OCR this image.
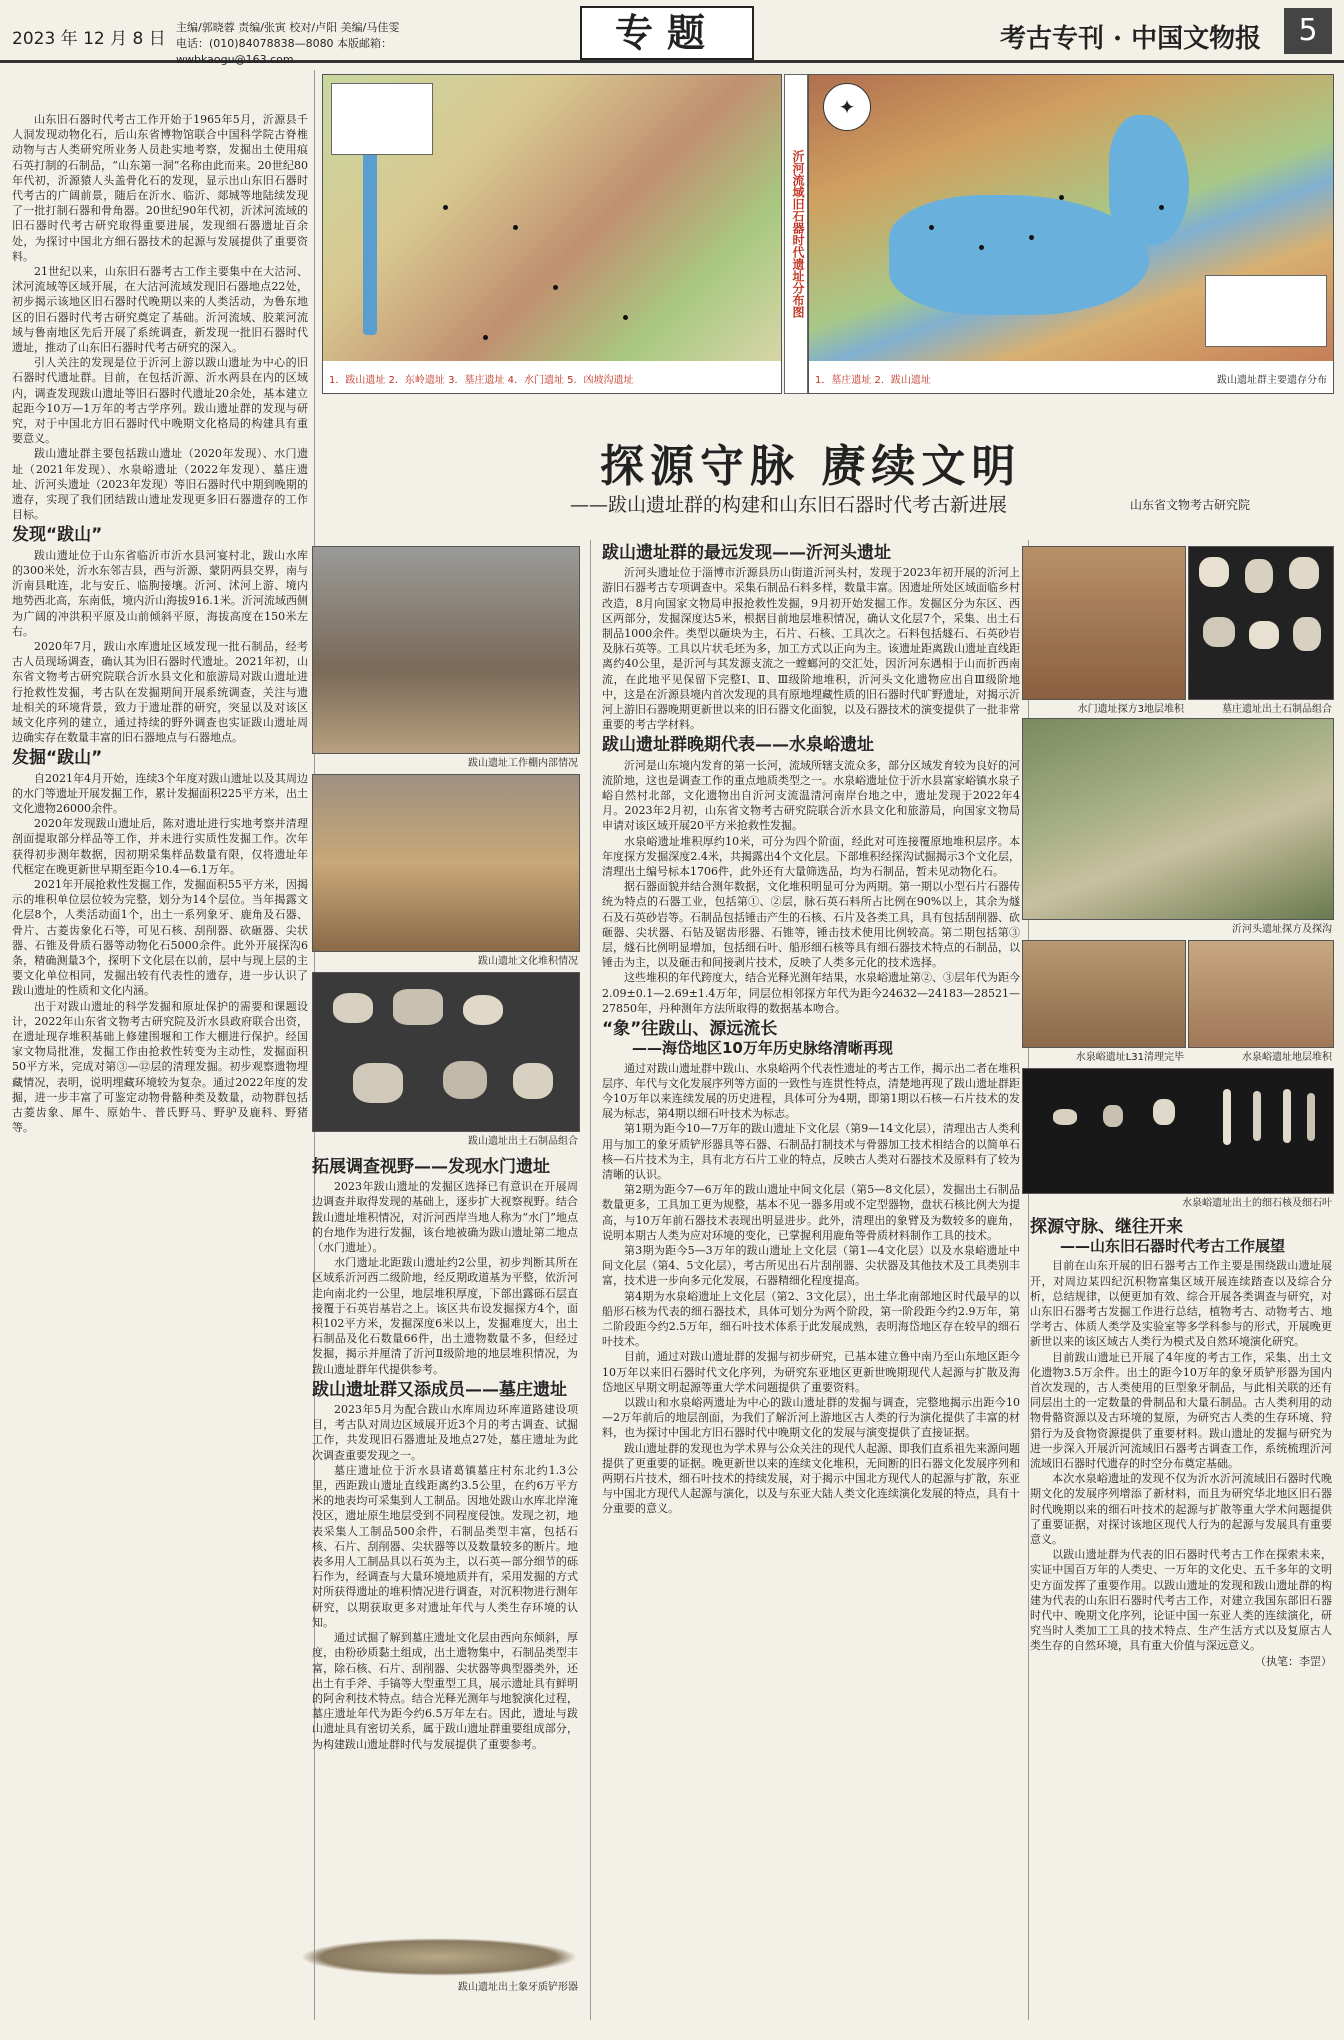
2023 年 12 月 8 日
主编/郭晓蓉 责编/张寅 校对/卢阳 美编/马佳雯
电话：(010)84078838—8080 本版邮箱：wwbkaogu@163.com
专题	考古专刊 · 中国文物报	5
1．跋山遗址 2．东岭遗址 3．墓庄遗址 4．水门遗址 5．凶坡沟遗址
沂河流域旧石器时代遗址分布图
✦
1．墓庄遗址 2．跋山遗址	跋山遗址群主要遗存分布
探源守脉 赓续文明
——跋山遗址群的构建和山东旧石器时代考古新进展	山东省文物考古研究院

山东旧石器时代考古工作开始于1965年5月，沂源县千人洞发现动物化石，后山东省博物馆联合中国科学院古脊椎动物与古人类研究所业务人员赴实地考察，发掘出土使用痕石英打制的石制品，“山东第一洞”名称由此而来。20世纪80年代初，沂源猿人头盖骨化石的发现，显示出山东旧石器时代考古的广阔前景，随后在沂水、临沂、郯城等地陆续发现了一批打制石器和骨角器。20世纪90年代初，沂沭河流域的旧石器时代考古研究取得重要进展，发现细石器遗址百余处，为探讨中国北方细石器技术的起源与发展提供了重要资料。

21世纪以来，山东旧石器考古工作主要集中在大沽河、沭河流域等区域开展，在大沽河流域发现旧石器地点22处，初步揭示该地区旧石器时代晚期以来的人类活动，为鲁东地区的旧石器时代考古研究奠定了基础。沂河流域、胶莱河流域与鲁南地区先后开展了系统调查，新发现一批旧石器时代遗址，推动了山东旧石器时代考古研究的深入。

引人关注的发现是位于沂河上游以跋山遗址为中心的旧石器时代遗址群。目前，在包括沂源、沂水两县在内的区域内，调查发现跋山遗址等旧石器时代遗址20余处，基本建立起距今10万—1万年的考古学序列。跋山遗址群的发现与研究，对于中国北方旧石器时代中晚期文化格局的构建具有重要意义。

跋山遗址群主要包括跋山遗址（2020年发现）、水门遗址（2021年发现）、水泉峪遗址（2022年发现）、墓庄遗址、沂河头遗址（2023年发现）等旧石器时代中期到晚期的遗存，实现了我们团结跋山遗址发现更多旧石器遗存的工作目标。

发现“跋山”

跋山遗址位于山东省临沂市沂水县河宴村北，跋山水库的300米处，沂水东邻吉县，西与沂源、蒙阴两县交界，南与沂南县毗连，北与安丘、临朐接壤。沂河、沭河上游、境内地势西北高，东南低，境内沂山海拔916.1米。沂河流域西侧为广阔的冲洪积平原及山前倾斜平原，海拔高度在150米左右。

2020年7月，跋山水库遗址区域发现一批石制品，经考古人员现场调查，确认其为旧石器时代遗址。2021年初，山东省文物考古研究院联合沂水县文化和旅游局对跋山遗址进行抢救性发掘，考古队在发掘期间开展系统调查，关注与遗址相关的环境背景，致力于遗址群的研究，突显以及对该区域文化序列的建立，通过持续的野外调查也实证跋山遗址周边确实存在数量丰富的旧石器地点与石器地点。

发掘“跋山”

自2021年4月开始，连续3个年度对跋山遗址以及其周边的水门等遗址开展发掘工作，累计发掘面积225平方米，出土文化遗物26000余件。

2020年发现跋山遗址后，陈对遗址进行实地考察并清理剖面提取部分样品等工作，并未进行实质性发掘工作。次年获得初步测年数据，因初期采集样品数量有限，仅将遗址年代框定在晚更新世早期至距今10.4—6.1万年。

2021年开展抢救性发掘工作，发掘面积55平方米，因揭示的堆积单位层位较为完整，划分为14个层位。当年揭露文化层8个，人类活动面1个，出土一系列象牙、鹿角及石器、骨片、古菱齿象化石等，可见石核、刮削器、砍砸器、尖状器、石锥及骨质石器等动物化石5000余件。此外开展探沟6条，精确测量3个，探明下文化层在以前，层中与现上层的主要文化单位相同，发掘出较有代表性的遗存，进一步认识了跋山遗址的性质和文化内涵。

出于对跋山遗址的科学发掘和原址保护的需要和课题设计，2022年山东省文物考古研究院及沂水县政府联合出资，在遗址现存堆积基础上修建围堰和工作大棚进行保护。经国家文物局批准，发掘工作由抢救性转变为主动性，发掘面积50平方米，完成对第③—⑫层的清理发掘。初步观察遗物埋藏情况，表明，说明埋藏环境较为复杂。通过2022年度的发掘，进一步丰富了可鉴定动物骨骼种类及数量，动物群包括古菱齿象、犀牛、原始牛、普氏野马、野驴及鹿科、野猪等。

跋山遗址工作棚内部情况
跋山遗址文化堆积情况
跋山遗址出土石制品组合
拓展调查视野——发现水门遗址

2023年跋山遗址的发掘区选择已有意识在开展周边调查并取得发现的基础上，逐步扩大视察视野。结合跋山遗址堆积情况，对沂河西岸当地人称为“水门”地点的台地作为进行发掘，该台地被确为跋山遗址第二地点（水门遗址）。

水门遗址北距跋山遗址约2公里，初步判断其所在区域系沂河西二级阶地，经反期政道基为平整，依沂河走向南北约一公里，地层堆积厚度，下部出露砾石层直接覆于石英岩基岩之上。该区共布设发掘探方4个，面积102平方米，发掘深度6米以上，发掘难度大，出土石制品及化石数量66件，出土遗物数量不多，但经过发掘，揭示并厘清了沂河Ⅱ级阶地的地层堆积情况，为跋山遗址群年代提供参考。

跋山遗址群又添成员——墓庄遗址

2023年5月为配合跋山水库周边环库道路建设项目，考古队对周边区域展开近3个月的考古调查、试掘工作，共发现旧石器遗址及地点27处，墓庄遗址为此次调查重要发现之一。

墓庄遗址位于沂水县诸葛镇墓庄村东北约1.3公里，西距跋山遗址直线距离约3.5公里，在约6万平方米的地表均可采集到人工制品。因地处跋山水库北岸淹没区，遗址原生地层受到不同程度侵蚀。发现之初，地表采集人工制品500余件，石制品类型丰富，包括石核、石片、刮削器、尖状器等以及数量较多的断片。地表多用人工制品具以石英为主，以石英—部分细节的砾石作为，经调查与大量环境地质并有，采用发掘的方式对所获得遗址的堆积情况进行调查，对沉积物进行测年研究，以期获取更多对遗址年代与人类生存环境的认知。

通过试掘了解到墓庄遗址文化层由西向东倾斜，厚度，由粉砂质黏土组成，出土遗物集中，石制品类型丰富，除石核、石片、刮削器、尖状器等典型器类外，还出土有手斧、手镐等大型重型工具，展示遗址具有鲜明的阿舍利技术特点。结合光释光测年与地貌演化过程，墓庄遗址年代为距今约6.5万年左右。因此，遗址与跋山遗址具有密切关系，属于跋山遗址群重要组成部分，为构建跋山遗址群时代与发展提供了重要参考。

跋山遗址出土象牙质铲形器
跋山遗址群的最远发现——沂河头遗址

沂河头遗址位于淄博市沂源县历山街道沂河头村，发现于2023年初开展的沂河上游旧石器考古专项调查中。采集石制品石料多样，数量丰富。因遗址所处区域面临乡村改造，8月向国家文物局申报抢救性发掘，9月初开始发掘工作。发掘区分为东区、西区两部分，发掘深度达5米，根据目前地层堆积情况，确认文化层7个，采集、出土石制品1000余件。类型以砸块为主，石片、石核、工具次之。石料包括燧石、石英砂岩及脉石英等。工具以片状毛坯为多，加工方式以正向为主。该遗址距离跋山遗址直线距离约40公里，是沂河与其发源支流之一螳螂河的交汇处，因沂河东遇相于山而折西南流，在此地平见保留下完整Ⅰ、Ⅱ、Ⅲ级阶地堆积，沂河头文化遗物应出自Ⅲ级阶地中，这是在沂源县境内首次发现的具有原地埋藏性质的旧石器时代旷野遗址，对揭示沂河上游旧石器晚期更新世以来的旧石器文化面貌，以及石器技术的演变提供了一批非常重要的考古学材料。

跋山遗址群晚期代表——水泉峪遗址

沂河是山东境内发育的第一长河，流域所辖支流众多，部分区域发育较为良好的河流阶地，这也是调查工作的重点地质类型之一。水泉峪遗址位于沂水县富家峪镇水泉子峪自然村北部，文化遗物出自沂河支流温清河南岸台地之中，遗址发现于2022年4月。2023年2月初，山东省文物考古研究院联合沂水县文化和旅游局，向国家文物局申请对该区域开展20平方米抢救性发掘。

水泉峪遗址堆积厚约10米，可分为四个阶面，经此对可连接覆原地堆积层序。本年度探方发掘深度2.4米，共揭露出4个文化层。下部堆积经探沟试掘揭示3个文化层，清理出土编号标本1706件，此外还有大量筛选品，均为石制品，暂未见动物化石。

据石器面貌并结合测年数据，文化堆积明显可分为两期。第一期以小型石片石器传统为特点的石器工业，包括第①、②层，脉石英石料所占比例在90%以上，其余为燧石及石英砂岩等。石制品包括锤击产生的石核、石片及各类工具，具有包括刮削器、砍砸器、尖状器、石钻及锯齿形器、石锥等，锤击技术使用比例较高。第二期包括第③层，燧石比例明显增加，包括细石叶、船形细石核等具有细石器技术特点的石制品，以锤击为主，以及砸击和间接剥片技术，反映了人类多元化的技术选择。

这些堆积的年代跨度大，结合光释光测年结果，水泉峪遗址第②、③层年代为距今2.09±0.1—2.69±1.4万年，同层位相邻探方年代为距今24632—24183—28521—27850年，丹种测年方法所取得的数据基本吻合。

“象”往跋山、源远流长
——海岱地区10万年历史脉络清晰再现

通过对跋山遗址群中跋山、水泉峪两个代表性遗址的考古工作，揭示出二者在堆积层序、年代与文化发展序列等方面的一致性与连贯性特点，清楚地再现了跋山遗址群距今10万年以来连续发展的历史进程，具体可分为4期，即第1期以石核—石片技术的发展为标志，第4期以细石叶技术为标志。

第1期为距今10—7万年的跋山遗址下文化层（第9—14文化层），清理出古人类利用与加工的象牙质铲形器具等石器、石制品打制技术与骨器加工技术相结合的以简单石核—石片技术为主，具有北方石片工业的特点，反映古人类对石器技术及原料有了较为清晰的认识。

第2期为距今7—6万年的跋山遗址中间文化层（第5—8文化层），发掘出土石制品数量更多，工具加工更为规整，基本不见一器多用或不定型器物，盘状石核比例大为提高，与10万年前石器技术表现出明显进步。此外，清理出的象臂及为数较多的鹿角，说明本期古人类为应对环境的变化，已掌握利用鹿角等骨质材料制作工具的技术。

第3期为距今5—3万年的跋山遗址上文化层（第1—4文化层）以及水泉峪遗址中间文化层（第4、5文化层），考古所见出石片刮削器、尖状器及其他技术及工具类别丰富，技术进一步向多元化发展，石器精细化程度提高。

第4期为水泉峪遗址上文化层（第2、3文化层），出土华北南部地区时代最早的以船形石核为代表的细石器技术，具体可划分为两个阶段，第一阶段距今约2.9万年，第二阶段距今约2.5万年，细石叶技术体系于此发展成熟，表明海岱地区存在较早的细石叶技术。

目前，通过对跋山遗址群的发掘与初步研究，已基本建立鲁中南乃至山东地区距今10万年以来旧石器时代文化序列，为研究东亚地区更新世晚期现代人起源与扩散及海岱地区早期文明起源等重大学术问题提供了重要资料。

以跋山和水泉峪两遗址为中心的跋山遗址群的发掘与调查，完整地揭示出距今10—2万年前后的地层剖面，为我们了解沂河上游地区古人类的行为演化提供了丰富的材料，也为探讨中国北方旧石器时代中晚期文化的发展与演变提供了直接证据。

跋山遗址群的发现也为学术界与公众关注的现代人起源、即我们直系祖先来源问题提供了更重要的证据。晚更新世以来的连续文化堆积，无间断的旧石器文化发展序列和两期石片技术，细石叶技术的持续发展，对于揭示中国北方现代人的起源与扩散，东亚与中国北方现代人起源与演化，以及与东亚大陆人类文化连续演化发展的特点，具有十分重要的意义。

水门遗址探方3地层堆积	墓庄遗址出土石制品组合
沂河头遗址探方及探沟
水泉峪遗址L31清理完毕	水泉峪遗址地层堆积
水泉峪遗址出土的细石核及细石叶
探源守脉、继往开来
——山东旧石器时代考古工作展望

目前在山东开展的旧石器考古工作主要是围绕跋山遗址展开，对周边某四纪沉积物富集区域开展连续踏查以及综合分析，总结规律，以便更加有效、综合开展各类调查与研究，对山东旧石器考古发掘工作进行总结，植物考古、动物考古、地学考古、体质人类学及实验室等多学科参与的形式，开展晚更新世以来的该区域古人类行为模式及自然环境演化研究。

目前跋山遗址已开展了4年度的考古工作，采集、出土文化遗物3.5万余件。出土的距今10万年的象牙质铲形器为国内首次发现的，古人类使用的巨型象牙制品，与此相关联的还有同层出土的一定数量的骨制品和大量石制品。古人类利用的动物骨骼资源以及古环境的复原，为研究古人类的生存环境、狩猎行为及食物资源提供了重要材料。跋山遗址的发掘与研究为进一步深入开展沂河流域旧石器考古调查工作，系统梳理沂河流域旧石器时代遗存的时空分布奠定基础。

本次水泉峪遗址的发现不仅为沂水沂河流域旧石器时代晚期文化的发展序列增添了新材料，而且为研究华北地区旧石器时代晚期以来的细石叶技术的起源与扩散等重大学术问题提供了重要证据，对探讨该地区现代人行为的起源与发展具有重要意义。

以跋山遗址群为代表的旧石器时代考古工作在探索未来，实证中国百万年的人类史、一万年的文化史、五千多年的文明史方面发挥了重要作用。以跋山遗址的发现和跋山遗址群的构建为代表的山东旧石器时代考古工作，对建立我国东部旧石器时代中、晚期文化序列，论证中国一东亚人类的连续演化，研究当时人类加工工具的技术特点、生产生活方式以及复原古人类生存的自然环境，具有重大价值与深远意义。

（执笔：李罡）
